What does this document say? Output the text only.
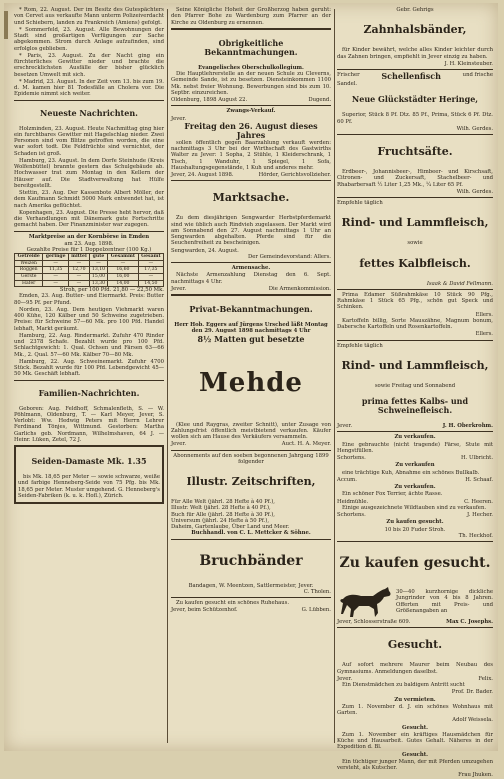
* Rom, 22. August. Der im Besitz des Gutespächters von Cervet aus verkaufte Mann unterm Polizeiverdacht und Schiebern, landen zu Frankreich (Amiens) gefolgt.

* Sommerfeld, 23. August. Alle Bewohnungen der Stadt sind großartigen Verfügungen zur Sache abgekommen. Strom durch Anlage aufzufinden, sind erfolglos geblieben.

* Paris, 23. August. Zu der Nacht ging ein fürchterliches Gewitter nieder und brachte die erschrecklichsten Ausfälle der bisher glücklich besetzen Umwelt mit sich.

* Madrid, 23. August. In der Zeit vom 13. bis zum 19. d. M. kamen hier 81 Todesfälle an Cholera vor. Die Epidemie nimmt sich weiter.

Neueste Nachrichten.

Holzminden, 23. August. Heute Nachmittag ging hier ein furchtbares Gewitter mit Hagelschlag nieder. Zwei Personen sind vom Blitze getroffen worden, die eine war sofort todt. Die Feldfrüchte sind vernichtet, der Schaden ist groß.

Hamburg, 23. August. In dem Dorfe Steinhude (Kreis Wolfenbüttel) brannte gestern das Schulgebäude ab. Hochwasser trat zum Montag in den Kellern der Häuser auf. Die Stadtverwaltung hat Hülfe bereitgestellt.

Stettin, 23. Aug. Der Kassenbote Albert Möller, der dem Kaufmann Schmidt 5000 Mark entwendet hat, ist nach Amerika geflüchtet.

Kopenhagen, 23. August. Die Presse hebt hervor, daß die Verhandlungen mit Dänemark gute Fortschritte gemacht haben. Der Finanzminister war zugegen.

Marktpreise an der Kornbörse in Emden

am 23. Aug. 1898.

Gezahlte Preise für 1 Doppelzentner (100 Kg.)

Getreide	geringe	mittel	gute	Gesammt	Gesamt
Weizen	—	—	—	—	—
Roggen	11,35	12,70	13,10	16,60	17,35
Gerste	—	—	15,00	16,00	—
Hafer	—	—	13,30	14,00	14,50

Stroh, per 100 Pfd. 21,80 — 22,50 Mk.

Emden, 23. Aug. Butter- und Eiermarkt. Preis: Butter 80—95 Pf. per Pfund.

Norden, 23. Aug. Dem heutigen Viehmarkt waren 400 Kühe, 120 Kälber und 50 Schweine zugetrieben. Preise: für Schweine 57—60 Mk. pro 100 Pfd. Handel lebhaft, Markt geräumt.

Hamburg, 22. Aug. Rindermarkt. Zufuhr 470 Rinder und 2378 Schafe. Bezahlt wurde pro 100 Pfd. Schlachtgewicht: 1. Qual. Ochsen und Färsen 63—66 Mk., 2. Qual. 57—60 Mk. Kälber 70—80 Mk.

Hamburg, 22. Aug. Schweinemarkt. Zufuhr 4700 Stück. Bezahlt wurde für 100 Pfd. Lebendgewicht 45—50 Mk. Geschäft lebhaft.

Familien-Nachrichten.

Geboren: Aug. Feldhoff, Schmalenfleth, S. — W. Pöhlmann, Oldenburg, T. — Karl Meyer, Jever, S. Verlobt: Ww. Hedwig Peters mit Herrn Lehrer Ferdinand Tönjes, Wittmund. Gestorben: Martha Garlichs geb. Nordmann, Wilhelmshaven, 64 J. — Heinr. Lüken, Zetel, 72 J.

Seiden-Damaste Mk. 1.35

bis Mk. 18,65 per Meter — sowie schwarze, weiße und farbige Henneberg-Seide von 75 Pfg. bis Mk. 18,65 per Meter. Muster umgehend. G. Henneberg's Seiden-Fabriken (k. u. k. Hofl.), Zürich.

Seine Königliche Hoheit der Großherzog haben geruht: den Pfarrer Bohe zu Wardenburg zum Pfarrer an der Kirche zu Oldenburg zu ernennen.

Obrigkeitliche Bekanntmachungen.

Evangelisches Oberschulkollegium.

Die Hauptlehrerstelle an der neuen Schule zu Cleverns, Gemeinde Sande, ist zu besetzen. Diensteinkommen 1100 Mk. nebst freier Wohnung. Bewerbungen sind bis zum 10. Septbr. einzureichen.

Oldenburg, 1898 August 22.	Dugend.

Zwangs-Verkauf.

Jever.

Freitag den 26. August dieses Jahres

sollen öffentlich gegen Baarzahlung verkauft werden: nachmittags 3 Uhr bei der Wirthschaft des Gastwirths Walter zu Jever: 1 Sopha, 2 Stühle, 1 Kleiderschrank, 1 Tisch, 1 Wanduhr, 1 Spiegel, 1 Sofa, Haushaltungsgegenstände, 1 Kuh und anderes mehr.

Jever, 24. August 1898.	Hörder, Gerichtsvollzieher.

Marktsache.

Zu dem diesjährigen Sengwarder Herbstpferdemarkt sind wie üblich auch Rindvieh zugelassen. Der Markt wird am Sonnabend den 27. August nachmittags 1 Uhr an Sengwarden abgehalten. Pferde sind für die Seuchenfreiheit zu bescheinigen.

Sengwarden, 24. August.

Der Gemeindevorstand: Allers.

Armensache.

Nächste Armenzahlung Dienstag den 6. Sept. nachmittags 4 Uhr.

Jever.	Die Armenkommission.

Privat-Bekanntmachungen.

Herr Hob. Eggers auf Jürgens Ursched läßt Montag den 29. August 1898 nachmittags 4 Uhr

8½ Matten gut besetzte

Mehde

(Klee und Raygras, zweiter Schnitt), unter Zusage von Zahlungsfrist öffentlich meistbietend verkaufen. Käufer wollen sich am Hause des Verkäufers versammeln.

Jever.	Auct. H. A. Meyer.

Abonnements auf den soeben begonnenen Jahrgang 1899 folgender

Illustr. Zeitschriften,

Für Alle Welt (jährl. 28 Hefte à 40 Pf.),

Illustr. Welt (jährl. 28 Hefte à 40 Pf.),

Buch für Alle (jährl. 28 Hefte à 30 Pf.),

Universum (jährl. 24 Hefte à 50 Pf.),

Daheim, Gartenlaube, Über Land und Meer.

Buchhandl. von C. L. Mettcker & Söhne.

Bruchbänder

Bandagen, W. Meentzen, Sattlermeister, Jever.

C. Tholen.

Zu kaufen gesucht ein schönes Ruhehaus.

Jever, beim Schützenhof.	G. Lübben.

Gebr. Gehrigs

Zahnhalsbänder,

für Kinder bewährt, welche alles Kinder leichter durch das Zahnen bringen, empfiehlt in Jever einzig zu haben.

J. H. Kleinsteuber.

Frischer	Schellenfisch	und frische

Sandel.

Neue Glückstädter Heringe,

Superior, Stück 8 Pf. Dtz. 85 Pf., Prima, Stück 6 Pf. Dtz. 60 Pf.

Wilh. Gerdes.

Fruchtsäfte.

Erdbeer-, Johannisbeer-, Himbeer- und Kirschsaft, Citronen- und Zuckersaft, Stachelbeer- und Rhabarbersaft ½ Liter 1,25 Mk., ¼ Liter 65 Pf.

Wilh. Gerdes.

Empfehle täglich

Rind- und Lammfleisch,

sowie

fettes Kalbfleisch.

Isaak & David Fellmann.

Prima Edamer Süßrahmkäse 10 Stück 90 Pfg., Rahmkäse 1 Stück 65 Pfg., schön gut Speck und Schinken.

Ellers.

Kartoffeln billig, Sorte Mauszähne, Magnum bonum, Dabersche Kartoffeln und Rosenkartoffeln.

Ellers.

Empfehle täglich

Rind- und Lammfleisch,

sowie Freitag und Sonnabend

prima fettes Kalbs- und Schweinefleisch.

Jever.	J. H. Oberkrohm.

Zu verkaufen.

Eine gebrauchte (nicht tragende) Färse, Stute mit Hengstfüllen.

Schortens.	H. Ulbricht.

Zu verkaufen

eine trächtige Kuh, Abnahme ein schönes Bullkalb.

Accum.	H. Schaaf.

Zu verkaufen.

Ein schöner Fox Terrier, ächte Rasse.

Heidmühle.	C. Heeren.

Einige ausgezeichnete Wildtauben sind zu verkaufen.

Schortens.	J. Hecher.

Zu kaufen gesucht.

10 bis 20 Fuder Stroh.

Th. Heckhof.

Zu kaufen gesucht.

30—40 kurzhornige dickliche Jungrinder von 4 bis 8 Jahren. Offerten mit Preis- und Größenangaben an

Jever, Schlosserstraße 609.	Max C. Josephs.

Gesucht.

Auf sofort mehrere Maurer beim Neubau des Gymnasiums. Anmeldungen daselbst.

Jever.	Felix.

Ein Dienstmädchen zu baldigem Antritt sucht

Prof. Dr. Bader.

Zu vermieten.

Zum 1. November d. J. ein schönes Wohnhaus mit Garten.

Adolf Weissela.

Gesucht.

Zum 1. November ein kräftiges Hausmädchen für Küche und Hausarbeit. Gutes Gehalt. Näheres in der Expedition d. Bl.

Gesucht.

Ein tüchtiger junger Mann, der mit Pferden umzugehen versteht, als Kutscher.

Frau Jhuken.
